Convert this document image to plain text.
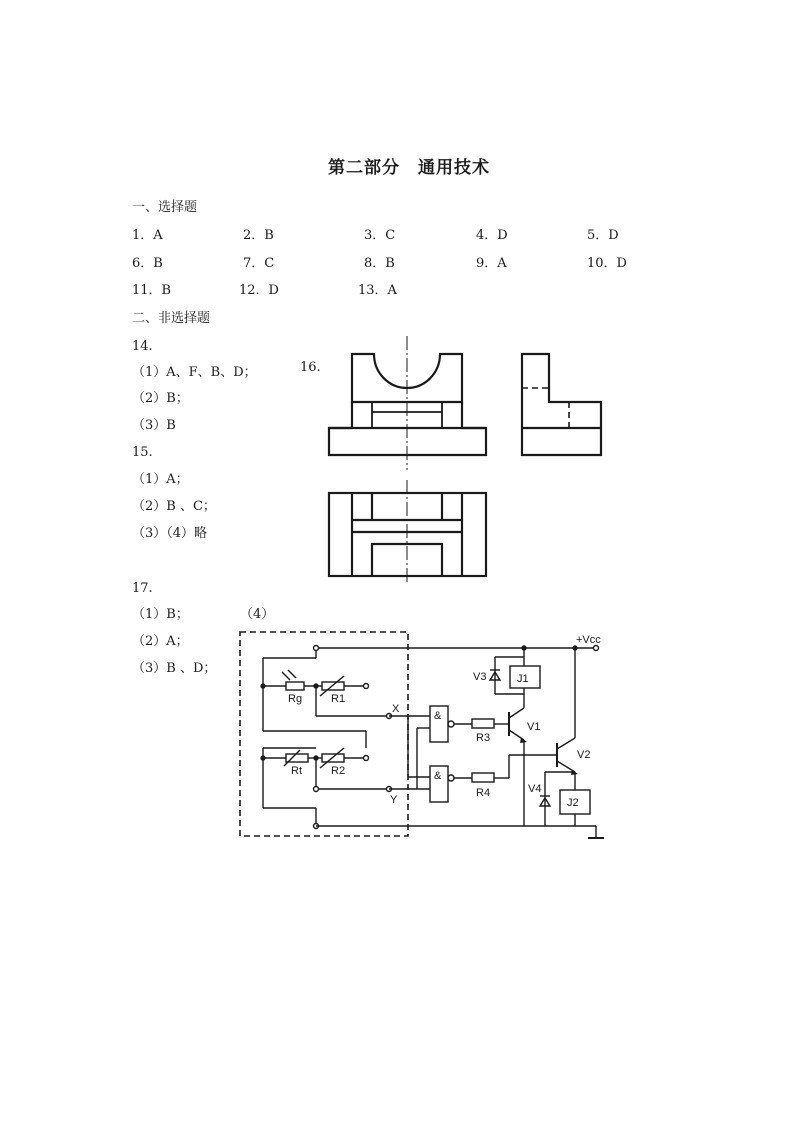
第二部分　通用技术
一、选择题
1．A	2．B	3．C	4．D	5．D
6．B	7．C	8．B	9．A	10．D
11．B	12．D	13．A
二、非选择题
14.
（1）A、F、B、D；
（2）B；
（3）B
15.
（1）A；
（2）B 、C；
（3）（4）略
16.
17.
（1）B；
（2）A；
（3）B 、D；
（4）
+Vcc
Rg	R1
Rt	R2
X
Y
&
&
R3
R4
V1
V2
V3
V4
J1
J2
